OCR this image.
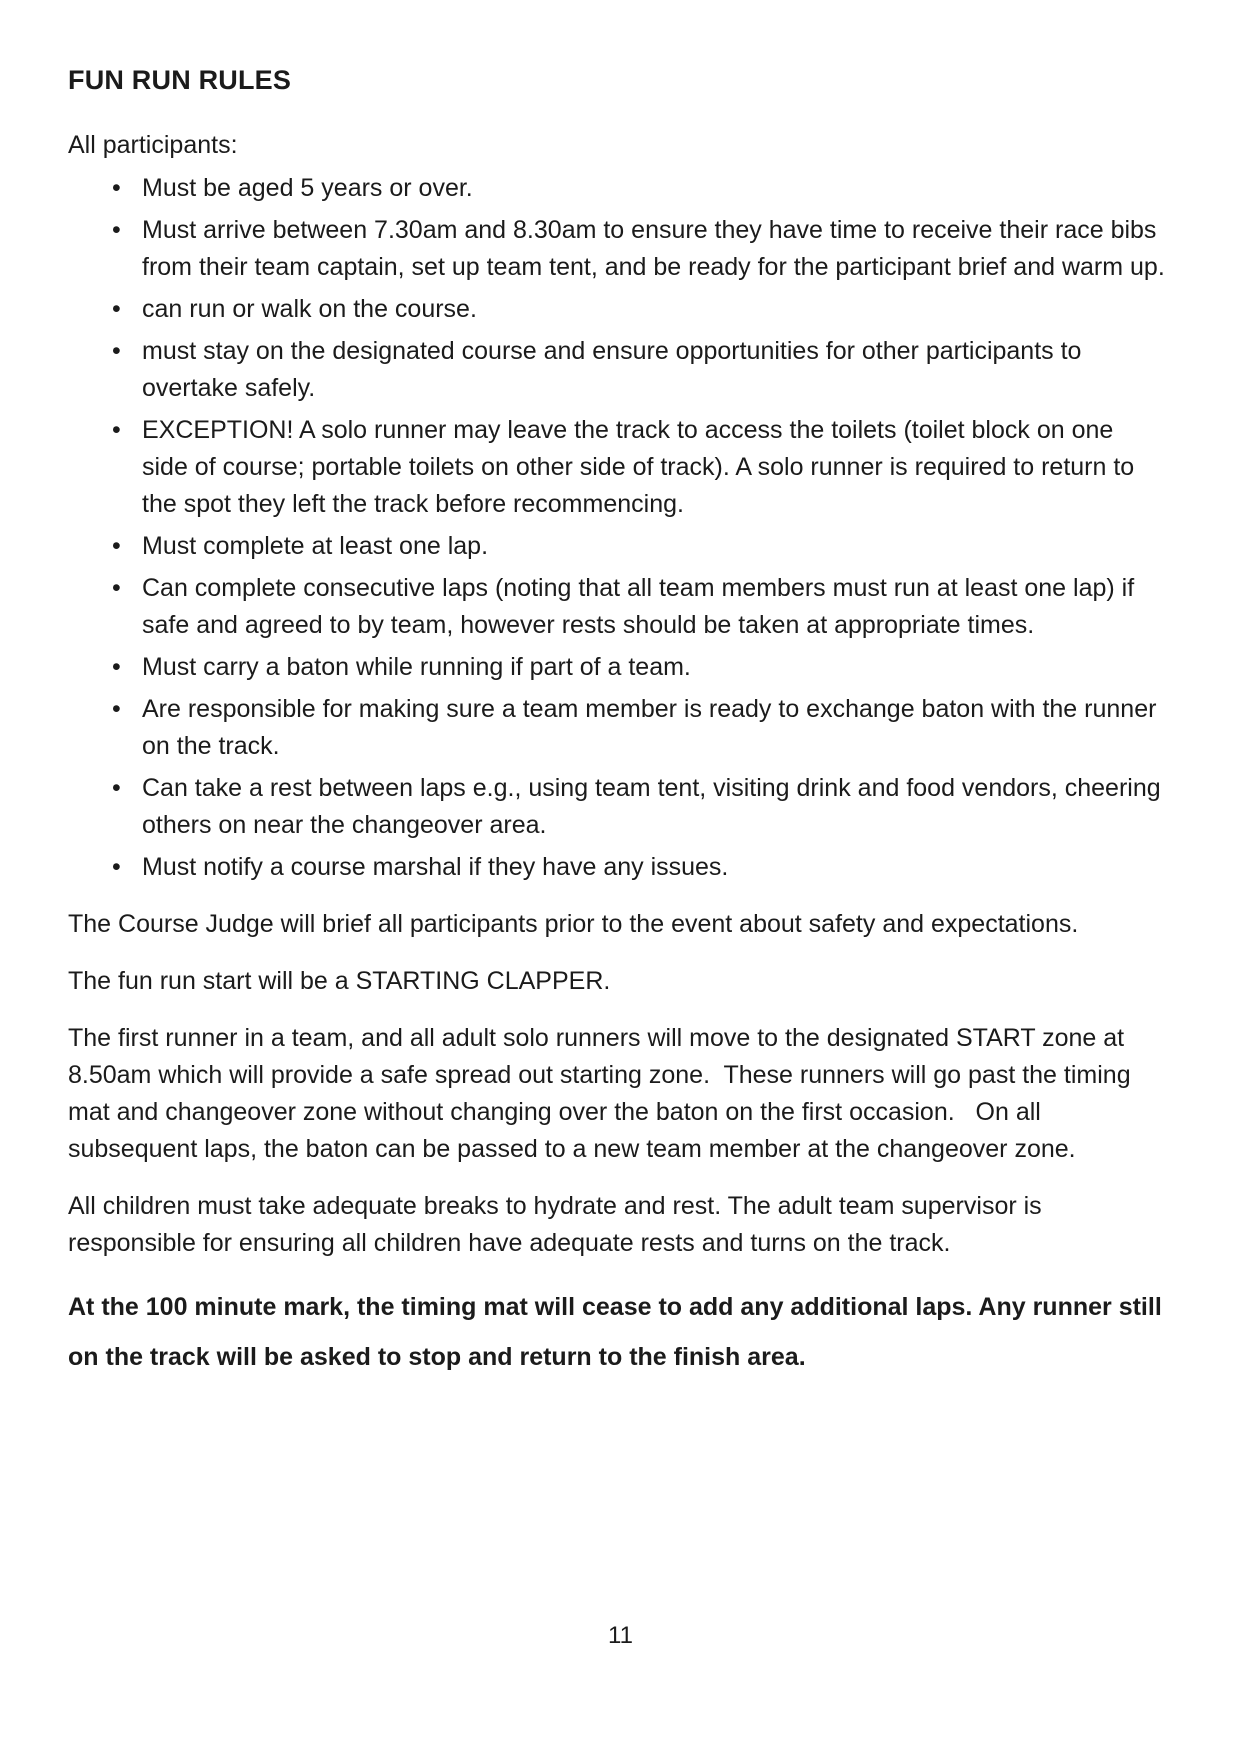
FUN RUN RULES

All participants:

• Must be aged 5 years or over.
• Must arrive between 7.30am and 8.30am to ensure they have time to receive their race bibs from their team captain, set up team tent, and be ready for the participant brief and warm up.
• can run or walk on the course.
• must stay on the designated course and ensure opportunities for other participants to overtake safely.
• EXCEPTION! A solo runner may leave the track to access the toilets (toilet block on one side of course; portable toilets on other side of track). A solo runner is required to return to the spot they left the track before recommencing.
• Must complete at least one lap.
• Can complete consecutive laps (noting that all team members must run at least one lap) if safe and agreed to by team, however rests should be taken at appropriate times.
• Must carry a baton while running if part of a team.
• Are responsible for making sure a team member is ready to exchange baton with the runner on the track.
• Can take a rest between laps e.g., using team tent, visiting drink and food vendors, cheering others on near the changeover area.
• Must notify a course marshal if they have any issues.

The Course Judge will brief all participants prior to the event about safety and expectations.

The fun run start will be a STARTING CLAPPER.

The first runner in a team, and all adult solo runners will move to the designated START zone at 8.50am which will provide a safe spread out starting zone.  These runners will go past the timing mat and changeover zone without changing over the baton on the first occasion.   On all subsequent laps, the baton can be passed to a new team member at the changeover zone.

All children must take adequate breaks to hydrate and rest. The adult team supervisor is responsible for ensuring all children have adequate rests and turns on the track.

At the 100 minute mark, the timing mat will cease to add any additional laps. Any runner still on the track will be asked to stop and return to the finish area.

11
